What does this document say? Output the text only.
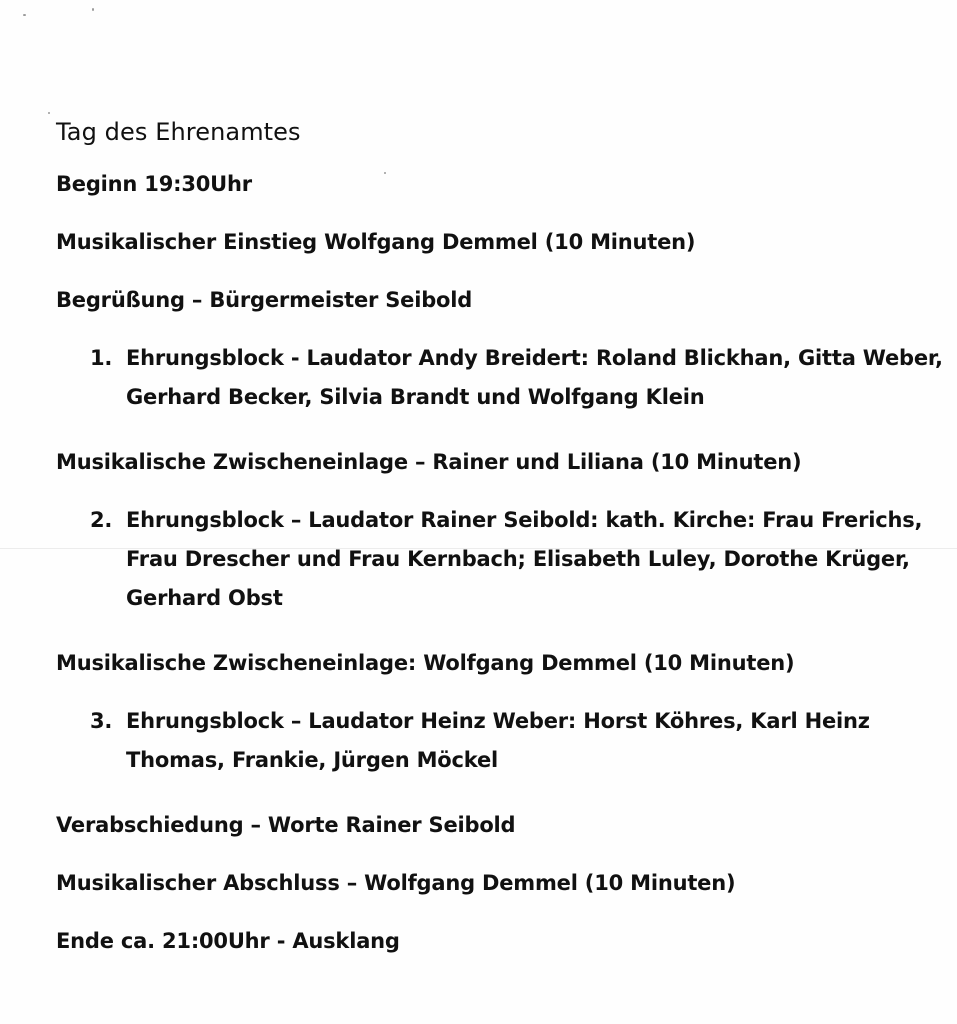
Tag des Ehrenamtes
Beginn 19:30Uhr
Musikalischer Einstieg Wolfgang Demmel (10 Minuten)
Begrüßung – Bürgermeister Seibold
1. Ehrungsblock - Laudator Andy Breidert: Roland Blickhan, Gitta Weber,
Gerhard Becker, Silvia Brandt und Wolfgang Klein
Musikalische Zwischeneinlage – Rainer und Liliana (10 Minuten)
2. Ehrungsblock – Laudator Rainer Seibold: kath. Kirche: Frau Frerichs,
Frau Drescher und Frau Kernbach; Elisabeth Luley, Dorothe Krüger,
Gerhard Obst
Musikalische Zwischeneinlage: Wolfgang Demmel (10 Minuten)
3. Ehrungsblock – Laudator Heinz Weber: Horst Köhres, Karl Heinz
Thomas, Frankie, Jürgen Möckel
Verabschiedung – Worte Rainer Seibold
Musikalischer Abschluss – Wolfgang Demmel (10 Minuten)
Ende ca. 21:00Uhr - Ausklang
